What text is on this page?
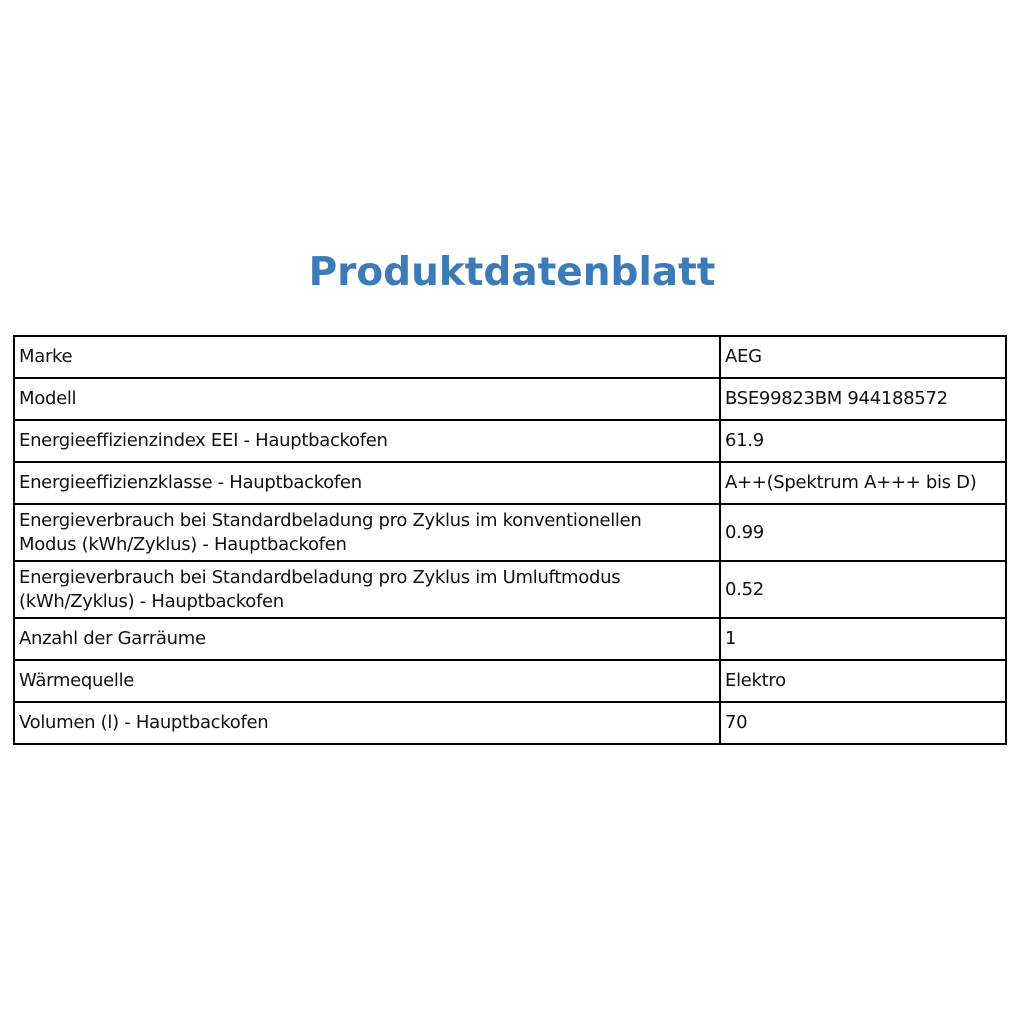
Produktdatenblatt
Marke	AEG
Modell	BSE99823BM 944188572
Energieeffizienzindex EEI - Hauptbackofen	61.9
Energieeffizienzklasse - Hauptbackofen	A++(Spektrum A+++ bis D)

Energieverbrauch bei Standardbeladung pro Zyklus im konventionellen
Modus (kWh/Zyklus) - Hauptbackofen	0.99

Energieverbrauch bei Standardbeladung pro Zyklus im Umluftmodus
(kWh/Zyklus) - Hauptbackofen	0.52
Anzahl der Garräume	1
Wärmequelle	Elektro
Volumen (l) - Hauptbackofen	70
